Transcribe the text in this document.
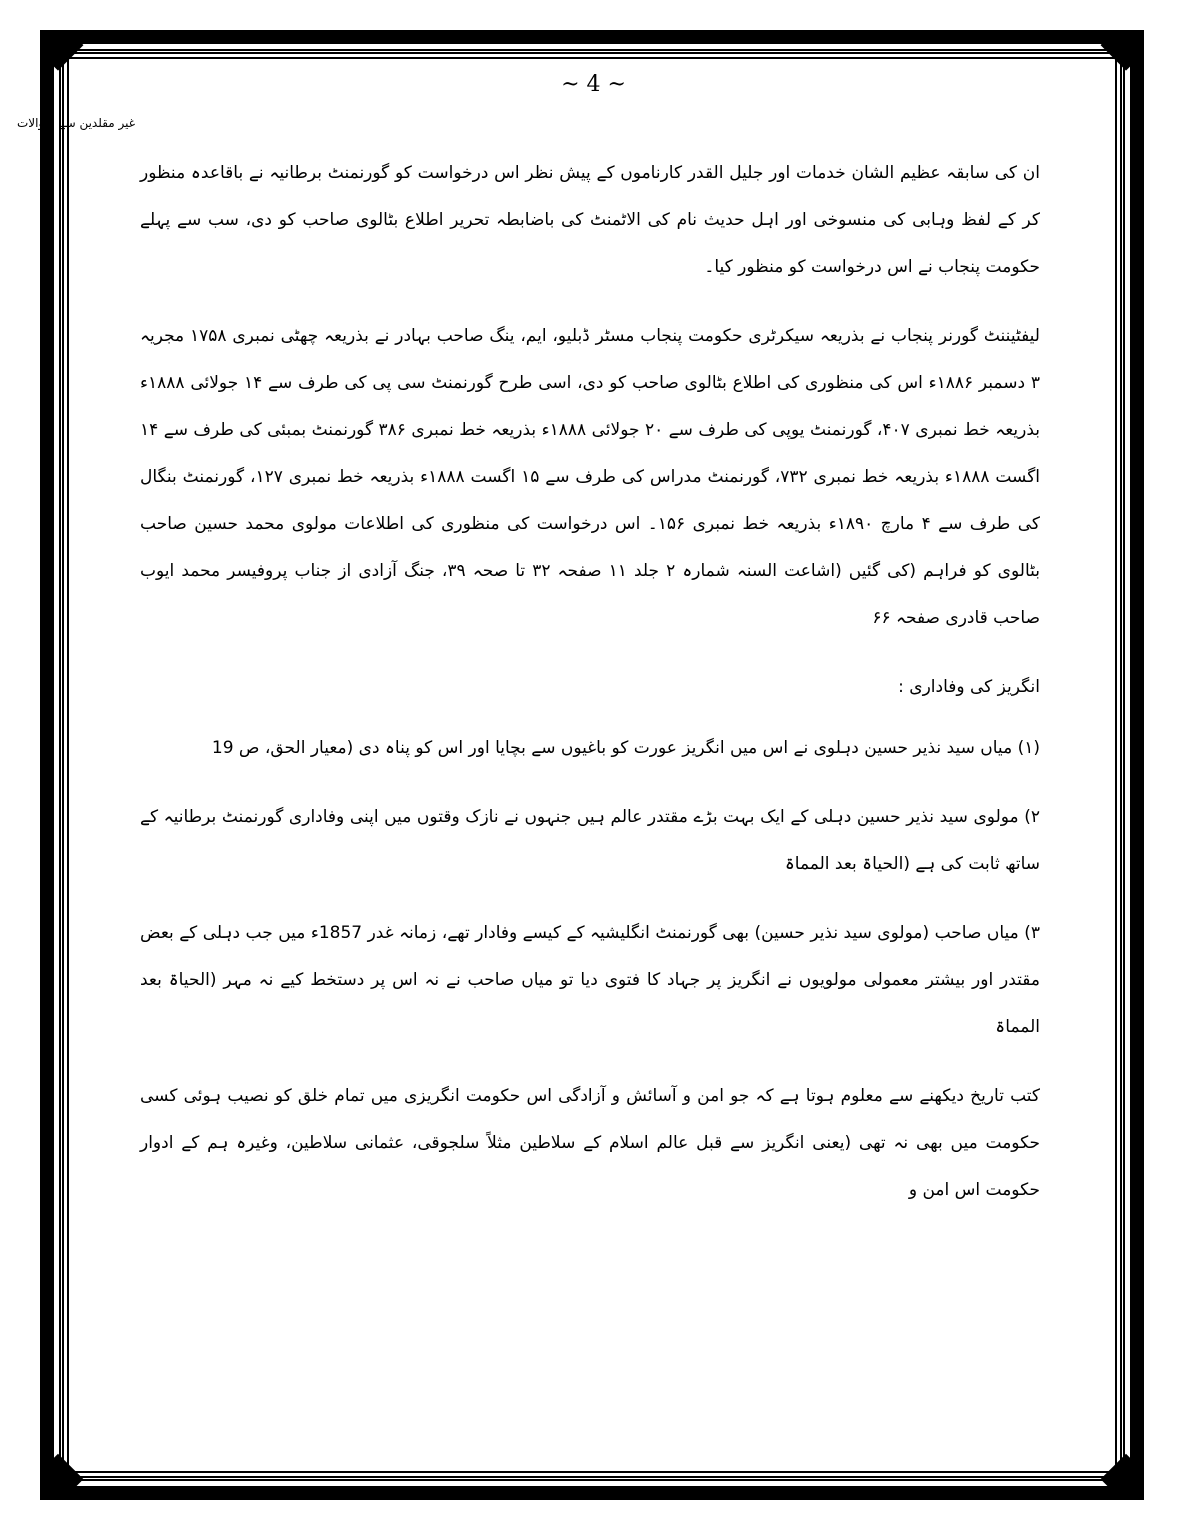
~ 4 ~
غیر مقلدین سے سوالات

ان کی سابقہ عظیم الشان خدمات اور جلیل القدر کارناموں کے پیش نظر اس درخواست کو گورنمنٹ برطانیہ نے باقاعدہ منظور کر کے لفظ وہابی کی منسوخی اور اہل حدیث نام کی الاٹمنٹ کی باضابطہ تحریر اطلاع بٹالوی صاحب کو دی، سب سے پہلے حکومت پنجاب نے اس درخواست کو منظور کیا۔

لیفٹیننٹ گورنر پنجاب نے بذریعہ سیکرٹری حکومت پنجاب مسٹر ڈبلیو، ایم، ینگ صاحب بہادر نے بذریعہ چھٹی نمبری ۱۷۵۸ مجریہ ۳ دسمبر ۱۸۸۶ء اس کی منظوری کی اطلاع بٹالوی صاحب کو دی، اسی طرح گورنمنٹ سی پی کی طرف سے ۱۴ جولائی ۱۸۸۸ء بذریعہ خط نمبری ۴۰۷، گورنمنٹ یوپی کی طرف سے ۲۰ جولائی ۱۸۸۸ء بذریعہ خط نمبری ۳۸۶ گورنمنٹ بمبئی کی طرف سے ۱۴ اگست ۱۸۸۸ء بذریعہ خط نمبری ۷۳۲، گورنمنٹ مدراس کی طرف سے ۱۵ اگست ۱۸۸۸ء بذریعہ خط نمبری ۱۲۷، گورنمنٹ بنگال کی طرف سے ۴ مارچ ۱۸۹۰ء بذریعہ خط نمبری ۱۵۶۔ اس درخواست کی منظوری کی اطلاعات مولوی محمد حسین صاحب بٹالوی کو فراہم (کی گئیں (اشاعت السنہ شمارہ ۲ جلد ۱۱ صفحہ ۳۲ تا صحہ ۳۹، جنگ آزادی از جناب پروفیسر محمد ایوب صاحب قادری صفحہ ۶۶

انگریز کی وفاداری :

(۱) میاں سید نذیر حسین دہلوی نے اس میں انگریز عورت کو باغیوں سے بچایا اور اس کو پناہ دی (معیار الحق، ص 19

۲) مولوی سید نذیر حسین دہلی کے ایک بہت بڑے مقتدر عالم ہیں جنہوں نے نازک وقتوں میں اپنی وفاداری گورنمنٹ برطانیہ کے ساتھ ثابت کی ہے (الحیاۃ بعد المماۃ

۳) میاں صاحب (مولوی سید نذیر حسین) بھی گورنمنٹ انگلیشیہ کے کیسے وفادار تھے، زمانہ غدر 1857ء میں جب دہلی کے بعض مقتدر اور بیشتر معمولی مولویوں نے انگریز پر جہاد کا فتوی دیا تو میاں صاحب نے نہ اس پر دستخط کیے نہ مہر (الحیاۃ بعد المماۃ

کتب تاریخ دیکھنے سے معلوم ہوتا ہے کہ جو امن و آسائش و آزادگی اس حکومت انگریزی میں تمام خلق کو نصیب ہوئی کسی حکومت میں بھی نہ تھی (یعنی انگریز سے قبل عالم اسلام کے سلاطین مثلاً سلجوقی، عثمانی سلاطین، وغیرہ ہم کے ادوار حکومت اس امن و
